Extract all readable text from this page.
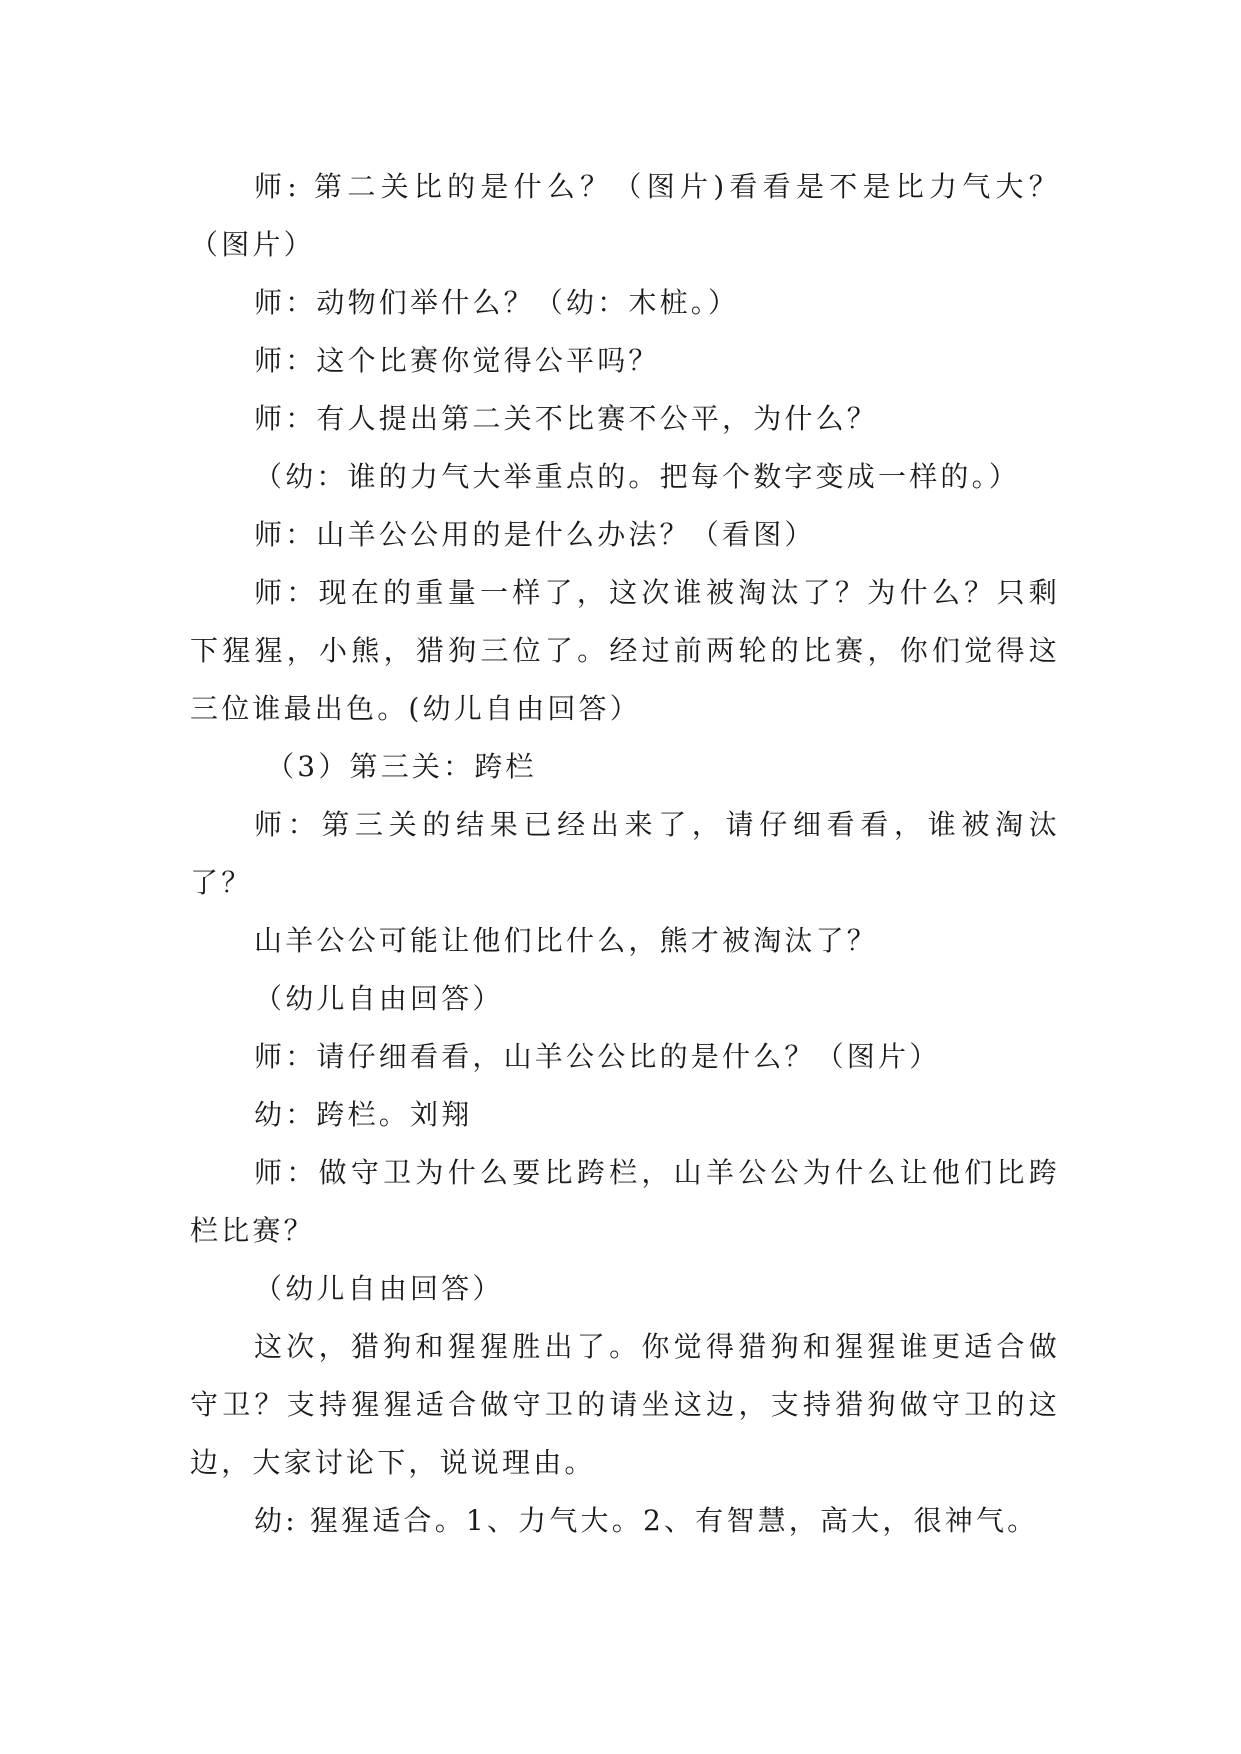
师: 第二关比的是什么？（图片)看看是不是比力气大？（图片）

师：动物们举什么？（幼：木桩。）

师：这个比赛你觉得公平吗？

师：有人提出第二关不比赛不公平，为什么？

（幼：谁的力气大举重点的。把每个数字变成一样的。）

师：山羊公公用的是什么办法？（看图）

师：现在的重量一样了，这次谁被淘汰了？为什么？只剩下猩猩，小熊，猎狗三位了。经过前两轮的比赛，你们觉得这三位谁最出色。(幼儿自由回答）

（3）第三关：跨栏

师：第三关的结果已经出来了，请仔细看看，谁被淘汰了？

山羊公公可能让他们比什么，熊才被淘汰了？

（幼儿自由回答）

师：请仔细看看，山羊公公比的是什么？（图片）

幼：跨栏。刘翔

师：做守卫为什么要比跨栏，山羊公公为什么让他们比跨栏比赛？

（幼儿自由回答）

这次，猎狗和猩猩胜出了。你觉得猎狗和猩猩谁更适合做守卫？支持猩猩适合做守卫的请坐这边，支持猎狗做守卫的这边，大家讨论下，说说理由。

幼: 猩猩适合。1、力气大。2、有智慧，高大，很神气。
